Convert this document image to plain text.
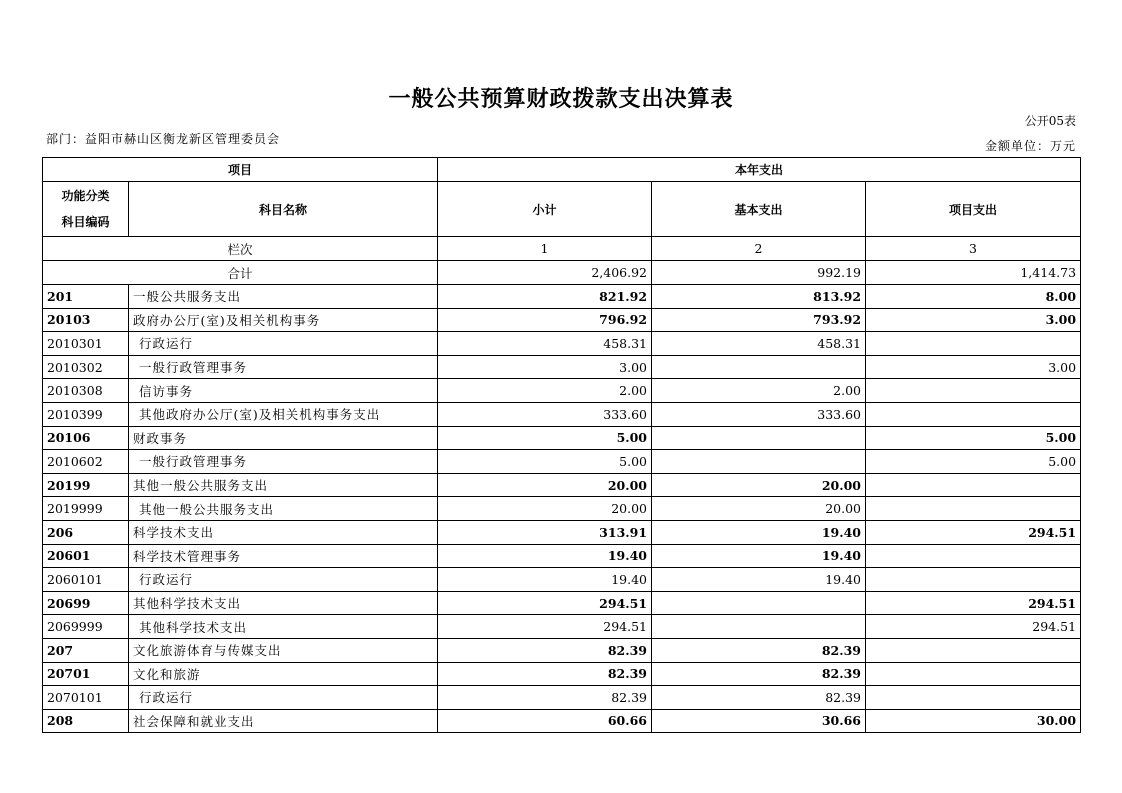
一般公共预算财政拨款支出决算表
公开05表
部门：益阳市赫山区衡龙新区管理委员会	金额单位：万元
项目		本年支出		

功能分类
科目编码	科目名称	小计	基本支出	项目支出
栏次		1	2	3
合计		2,406.92	992.19	1,414.73
201	一般公共服务支出	821.92	813.92	8.00
20103	政府办公厅(室)及相关机构事务	796.92	793.92	3.00
2010301	行政运行	458.31	458.31	
2010302	一般行政管理事务	3.00		3.00
2010308	信访事务	2.00	2.00	
2010399	其他政府办公厅(室)及相关机构事务支出	333.60	333.60	
20106	财政事务	5.00		5.00
2010602	一般行政管理事务	5.00		5.00
20199	其他一般公共服务支出	20.00	20.00	
2019999	其他一般公共服务支出	20.00	20.00	
206	科学技术支出	313.91	19.40	294.51
20601	科学技术管理事务	19.40	19.40	
2060101	行政运行	19.40	19.40	
20699	其他科学技术支出	294.51		294.51
2069999	其他科学技术支出	294.51		294.51
207	文化旅游体育与传媒支出	82.39	82.39	
20701	文化和旅游	82.39	82.39	
2070101	行政运行	82.39	82.39	
208	社会保障和就业支出	60.66	30.66	30.00
